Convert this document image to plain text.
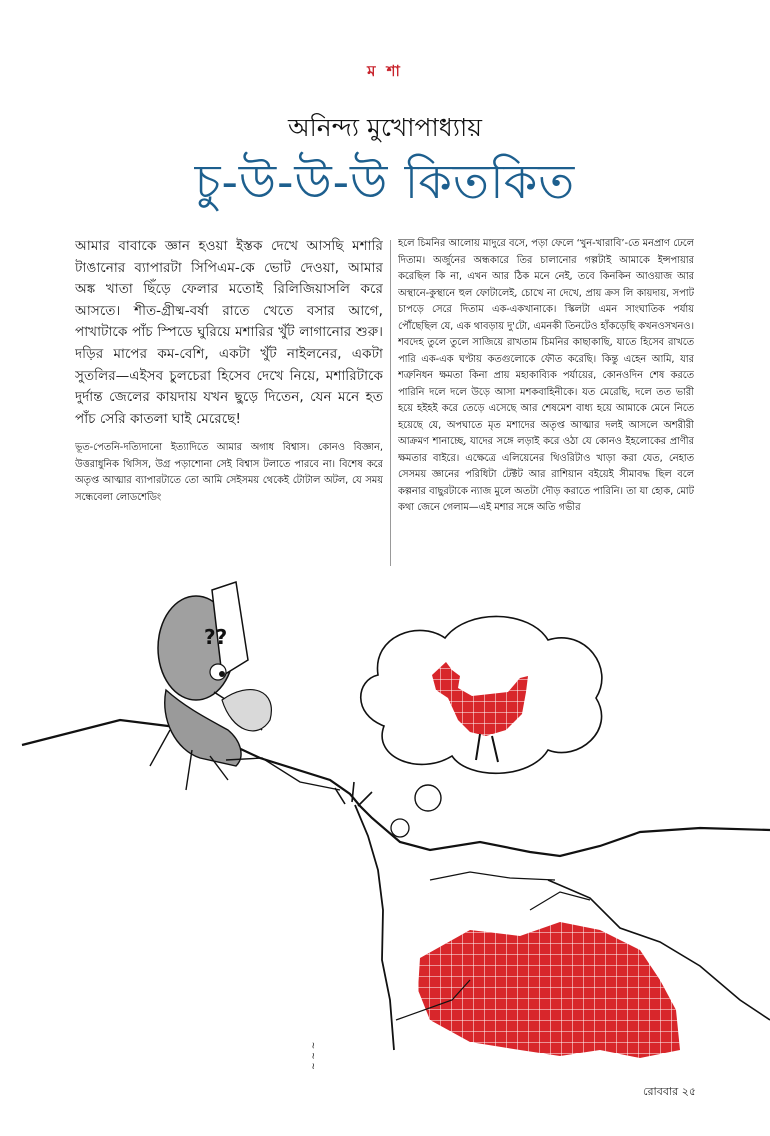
ম শা
অনিন্দ্য মুখোপাধ্যায়
চু-উ-উ-উ কিতকিত

আমার বাবাকে জ্ঞান হওয়া ইস্তক দেখে আসছি মশারি টাঙানোর ব্যাপারটা সিপিএম-কে ভোট দেওয়া, আমার অঙ্ক খাতা ছিঁড়ে ফেলার মতোই রিলিজিয়াসলি করে আসতে। শীত-গ্রীষ্ম-বর্ষা রাতে খেতে বসার আগে, পাখাটাকে পাঁচ স্পিডে ঘুরিয়ে মশারির খুঁট লাগানোর শুরু। দড়ির মাপের কম-বেশি, একটা খুঁট নাইলনের, একটা সুতলির—এইসব চুলচেরা হিসেব দেখে নিয়ে, মশারিটাকে দুর্দান্ত জেলের কায়দায় যখন ছুড়ে দিতেন, যেন মনে হত পাঁচ সেরি কাতলা ঘাই মেরেছে!

ভূত-পেতনি-দত্যিদানো ইত্যাদিতে আমার অগাধ বিশ্বাস। কোনও বিজ্ঞান, উত্তরাধুনিক থিসিস, উগ্র পড়াশোনা সেই বিশ্বাস টলাতে পারবে না। বিশেষ করে অতৃপ্ত আত্মার ব্যাপারটাতে তো আমি সেইসময় থেকেই টোটাল অটল, যে সময় সন্ধেবেলা লোডশেডিং

হলে চিমনির আলোয় মাদুরে বসে, পড়া ফেলে ‘খুন-খারাবি’-তে মনপ্রাণ ঢেলে দিতাম। অর্জুনের অন্ধকারে তির চালানোর গল্পটাই আমাকে ইন্সপায়ার করেছিল কি না, এখন আর ঠিক মনে নেই, তবে কিনকিন আওয়াজ আর অস্থানে-কুস্থানে হুল ফোটালেই, চোখে না দেখে, প্রায় ক্রস লি কায়দায়, সপাট চাপড়ে সেরে দিতাম এক-একখানাকে। স্কিলটা এমন সাংঘাতিক পর্যায় পৌঁছেছিল যে, এক থাবড়ায় দু'টো, এমনকী তিনটেও হাঁকড়েছি কখনওসখনও। শবদেহ তুলে তুলে সাজিয়ে রাখতাম চিমনির কাছাকাছি, যাতে হিসেব রাখতে পারি এক-এক ঘণ্টায় কতগুলোকে ফৌত করেছি। কিন্তু এহেন আমি, যার শত্রুনিধন ক্ষমতা কিনা প্রায় মহাকাব্যিক পর্যায়ের, কোনওদিন শেষ করতে পারিনি দলে দলে উড়ে আসা মশকবাহিনীকে। যত মেরেছি, দলে তত ভারী হয়ে হইহই করে তেড়ে এসেছে আর শেষমেশ বাধ্য হয়ে আমাকে মেনে নিতে হয়েছে যে, অপঘাতে মৃত মশাদের অতৃপ্ত আত্মার দলই আসলে অশরীরী আক্রমণ শানাচ্ছে, যাদের সঙ্গে লড়াই করে ওঠা যে কোনও ইহলোকের প্রাণীর ক্ষমতার বাইরে। এক্ষেত্রে এলিয়েনের থিওরিটাও খাড়া করা যেত, নেহাত সেসময় জ্ঞানের পরিধিটা টেক্টট আর রাশিয়ান বইয়েই সীমাবদ্ধ ছিল বলে কল্পনার বাছুরটাকে ন্যাজ মুলে অতটা দৌড় করাতে পারিনি। তা যা হোক, মোট কথা জেনে গেলাম—এই মশার সঙ্গে অতি গভীর

??
~ ~ ~
রোববার ২৫
